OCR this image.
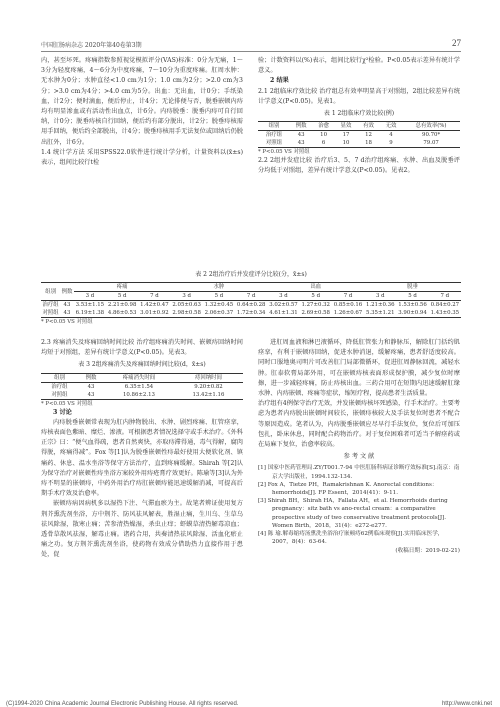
中国肛肠病杂志 2020年第40卷第3期	27

内，甚至坏死。疼痛指数参照视觉模拟评分(VAS)标准：0分为无痛，1～3分为轻度疼痛，4～6分为中度疼痛，7～10分为重度疼痛。肛周水肿：无水肿为0分；水肿直径<1.0 cm为1分；1.0 cm为2分；>2.0 cm为3分；>3.0 cm为4分；>4.0 cm为5分。出血：无出血，计0分；手纸染血，计2分；便时滴血，便后停止，计4分；无论排便与否，脱垂嵌顿内痔均有明显渗血或有活动性出血点，计6分。内痔脱垂：脱垂内痔可自行回纳，计0分；脱垂痔核自行回纳，便后约有部分脱出，计2分；脱垂痔核需用手回纳，便后约全部脱出，计4分；脱垂痔核用手无法复位或回纳后仍脱出肛外，计6分。

1.4 统计学方法 采用SPSS22.0软件进行统计学分析，计量资料以(x̄±s)表示，组间比较行t检

验；计数资料以(%)表示，组间比较行χ²检验。P<0.05表示差异有统计学意义。

2 结果

2.1 2组临床疗效比较 治疗组总有效率明显高于对照组，2组比较差异有统计学意义(P<0.05)。见表1。

表 1 2组临床疗效比较(例)
组别	例数	治愈	显效	有效	无效	总有效率(%)
治疗组	43	10	17	12	4	90.70*
对照组	43	6	10	18	9	79.07
* P<0.05 VS 对照组

2.2 2组并发症比较 治疗后3、5、7 d治疗组疼痛、水肿、出血及脱垂评分均低于对照组，差异有统计学意义(P<0.05)。见表2。

表 2 2组治疗后并发症评分比较(分，x̄±s)
组别	例数	疼痛			水肿			出血			脱垂		
		3 d	5 d	7 d	3 d	5 d	7 d	3 d	5 d	7 d	3 d	5 d	7 d
治疗组	43	3.53±1.15	2.21±0.98	1.42±0.47	2.05±0.63	1.32±0.45	0.64±0.28	3.02±0.57	1.27±0.32	0.85±0.16	1.21±0.36	1.53±0.56	0.84±0.27
对照组	43	6.19±1.38	4.86±0.53	3.01±0.92	2.98±0.58	2.06±0.37	1.72±0.34	4.61±1.31	2.69±0.58	1.26±0.67	5.35±1.21	3.90±0.94	1.43±0.35
* P<0.05 VS 对照组

2.3 疼痛消失及疼痛回纳时间比较 治疗组疼痛消失时间、嵌顿痔回纳时间均短于对照组，差异有统计学意义(P<0.05)。见表3。

表 3 2组疼痛消失及疼痛回纳时间比较(d，x̄±s)
组别	例数	疼痛消失时间	痔回纳时间
治疗组	43	6.35±1.54	9.20±0.82
对照组	43	10.86±2.13	13.42±1.16
* P<0.05 VS 对照组

3 讨论

内痔脱垂嵌顿常表现为肛内肿物脱出、水肿、剧烈疼痛、肛管痉挛，痔核表面色紫暗、糜烂、渗液。可根据患者情况选择守或手术治疗。《外科正宗》曰：“便气血得疏，患者自然爽快，亦取痔滞得通，毒气得解，腐肉得脱，疼痛得减”。Fox 等[1]认为脱垂嵌顿性痔最好使用大便软化剂、镇痛药、休息、温水坐浴等保守方法治疗，直到疼痛缓解。Shirah 等[2]认为保守治疗对嵌顿性痔坐浴方案较外用痔疮膏疗效更好。陈瑜等[3]认为外痔不明显的嵌顿痔，中药外用治疗痔肛嵌顿痔能迅速缓解消减，可提高后期手术疗效及治愈率。

嵌顿痔病因病机多以湿热下注、气滞血瘀为主。故笔者辨证使用复方荆芥熏洗剂坐浴，方中荆芥、防风祛风解表，胜湿止痛，生川乌、生草乌祛风除湿，散寒止痛；苦参清热燥湿，杀虫止痒；虾蟆草清热解毒凉血；透骨草散风祛湿，解毒止痛。诸药合用，共奏清热祛风除湿、活血化瘀止痛之功。复方荆芥熏洗剂坐浴，使药物有效成分借助热力直接作用于患处，促

进肛周血液和淋巴液循环，降低肛管张力和静脉压，解除肛门括约肌痉挛，有利于嵌顿痔回纳，促进水肿消退，缓解疼痛，患者舒适度较高。同时口服地奥司明片可改善肛门局部微循环，促进肛周静脉回流，减轻水肿。肛泰软膏局部外用，可在嵌顿痔核表面形成保护膜，减少复位时摩擦，进一步减轻疼痛，防止痔核出血。三药合用可在短期内迅速缓解肛缘水肿、内痔嵌顿、疼痛等症状，缩短疗程，提高患者生活质量。
治疗组有4例保守治疗无效，并发嵌顿痔核坏死感染，行手术治疗。主要考虑为患者内痔脱出嵌顿时间较长，嵌顿痔核较大及手法复位时患者不配合等原因造成。笔者认为，内痔脱垂嵌顿应尽早行手法复位，复位后可加压包扎，卧床休息，同时配合药物治疗。对于复位困难者可适当予解痉药或在局麻下复位，治愈率较高。

参 考 文 献

[1] 国家中医药管理局.ZY/T001.7-94 中医肛肠科病证诊断疗效标准[S].南京：南京大学出版社，1994.132-134.
[2] Fox A，Tietze PH，Ramakrishnan K. Anorectal conditions：hemorrhoids[J]. FP Essent，2014(41)：9-11.
[3] Shirah BH，Shirah HA，Fallata AH，et al. Hemorrhoids during pregnancy：sitz bath vs ano-rectal cream：a comparative prospective study of two conservative treatment protocols[J]. Women Birth，2018，31(4)：e272-e277.
[4] 陈 瑜.解毒缩痔汤熏洗坐浴治疗嵌顿痔62例临床观察[J].实用临床医学，2007，8(4)：63-64.
(收稿日期：2019-02-21)
(C)1994-2020 China Academic Journal Electronic Publishing House. All rights reserved.	http://www.cnki.net
